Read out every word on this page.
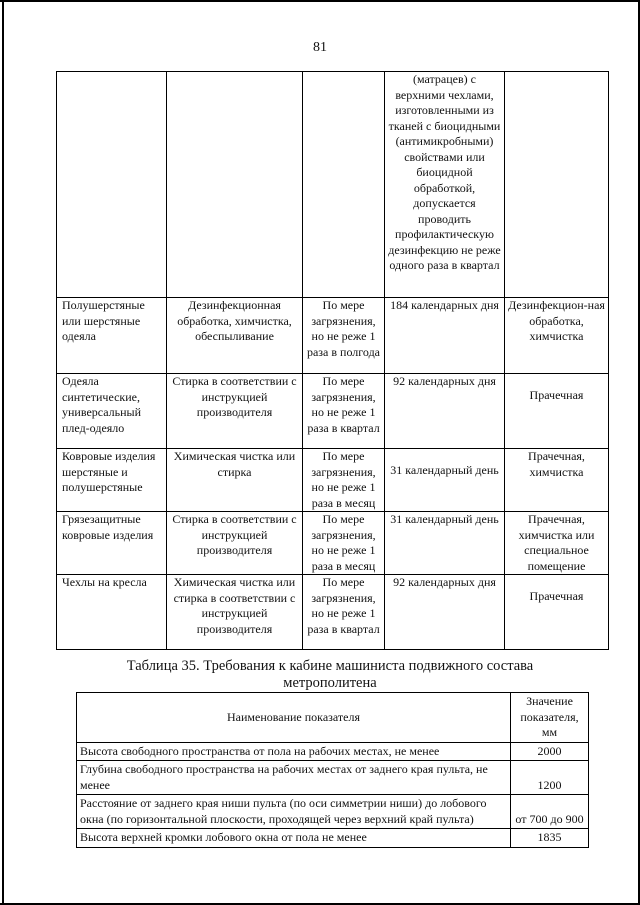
81
			(матрацев) с верхними чехлами, изготовленными из тканей с биоцидными (антимикробными) свойствами или биоцидной обработкой, допускается проводить профилактическую дезинфекцию не реже одного раза в квартал	
Полушерстяные или шерстяные одеяла	Дезинфекционная обработка, химчистка, обеспыливание	По мере загрязнения, но не реже 1 раза в полгода	184 календарных дня	Дезинфекцион-ная обработка, химчистка
Одеяла синтетические, универсальный плед-одеяло	Стирка в соответствии с инструкцией производителя	По мере загрязнения, но не реже 1 раза в квартал	92 календарных дня	Прачечная
Ковровые изделия шерстяные и полушерстяные	Химическая чистка или стирка	По мере загрязнения, но не реже 1 раза в месяц	31 календарный день	Прачечная, химчистка
Грязезащитные ковровые изделия	Стирка в соответствии с инструкцией производителя	По мере загрязнения, но не реже 1 раза в месяц	31 календарный день	Прачечная, химчистка или специальное помещение
Чехлы на кресла	Химическая чистка или стирка в соответствии с инструкцией производителя	По мере загрязнения, но не реже 1 раза в квартал	92 календарных дня	Прачечная
Таблица 35. Требования к кабине машиниста подвижного состава метрополитена
Наименование показателя	Значение показателя, мм
Высота свободного пространства от пола на рабочих местах, не менее	2000
Глубина свободного пространства на рабочих местах от заднего края пульта, не менее	1200
Расстояние от заднего края ниши пульта (по оси симметрии ниши) до лобового окна (по горизонтальной плоскости, проходящей через верхний край пульта)	от 700 до 900
Высота верхней кромки лобового окна от пола не менее	1835
